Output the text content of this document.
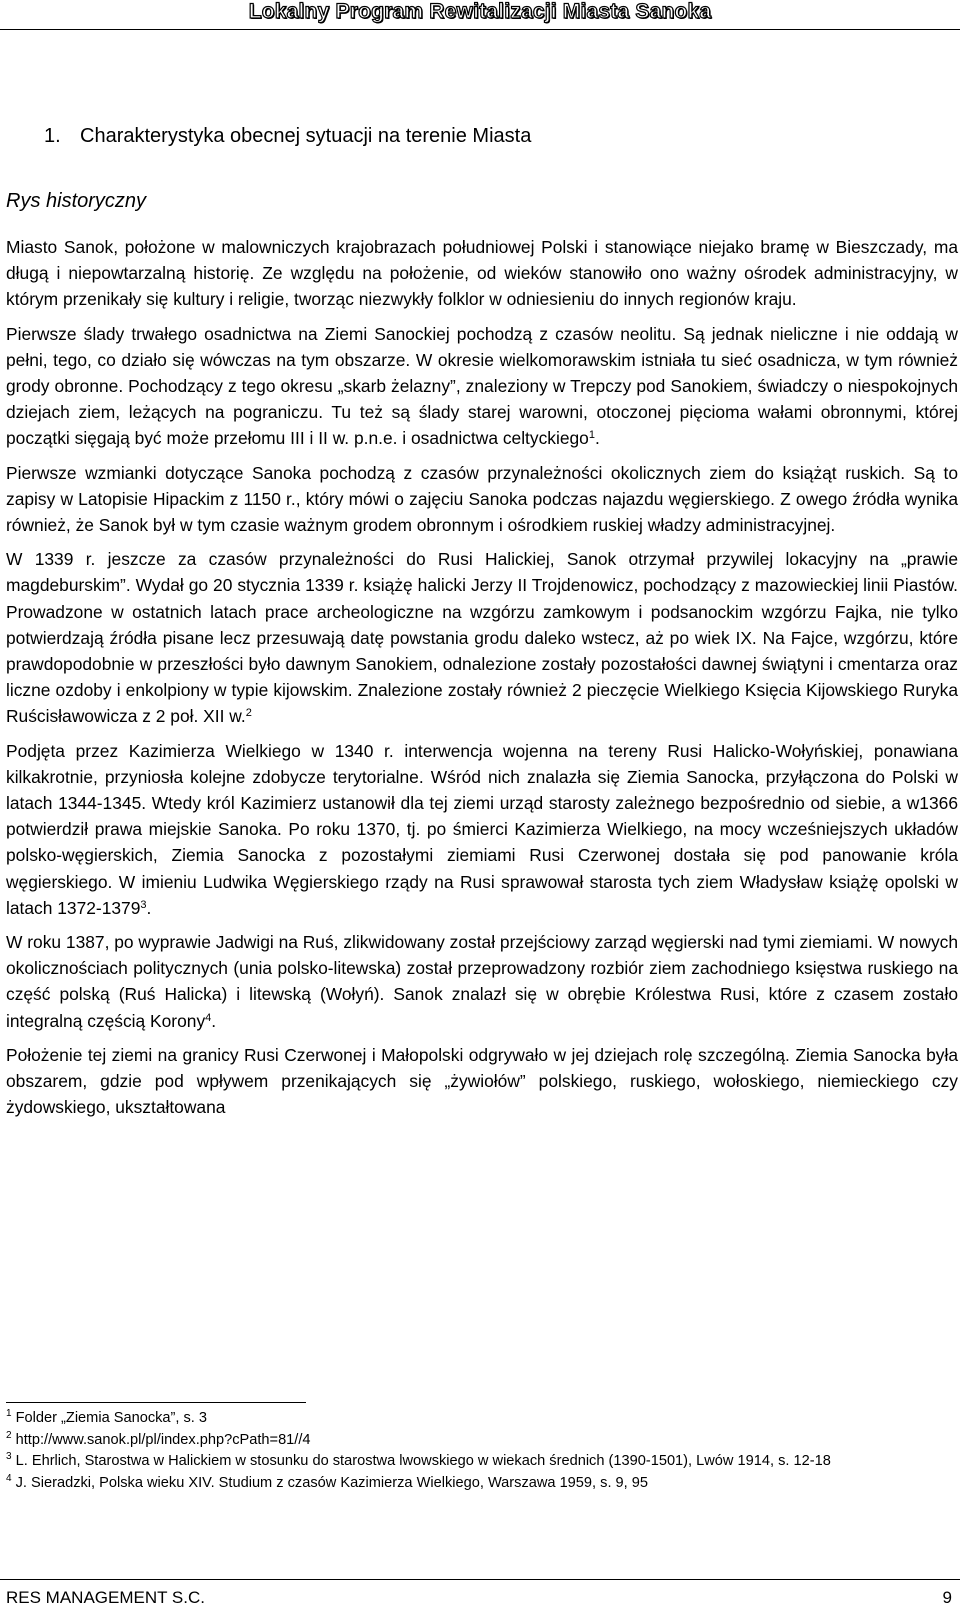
Lokalny Program Rewitalizacji Miasta Sanoka
1. Charakterystyka obecnej sytuacji na terenie Miasta
Rys historyczny

Miasto Sanok, położone w malowniczych krajobrazach południowej Polski i stanowiące niejako bramę w Bieszczady, ma długą i niepowtarzalną historię. Ze względu na położenie, od wieków stanowiło ono ważny ośrodek administracyjny, w którym przenikały się kultury i religie, tworząc niezwykły folklor w odniesieniu do innych regionów kraju.

Pierwsze ślady trwałego osadnictwa na Ziemi Sanockiej pochodzą z czasów neolitu. Są jednak nieliczne i nie oddają w pełni, tego, co działo się wówczas na tym obszarze. W okresie wielkomorawskim istniała tu sieć osadnicza, w tym również grody obronne. Pochodzący z tego okresu „skarb żelazny”, znaleziony w Trepczy pod Sanokiem, świadczy o niespokojnych dziejach ziem, leżących na pograniczu. Tu też są ślady starej warowni, otoczonej pięcioma wałami obronnymi, której początki sięgają być może przełomu III i II w. p.n.e. i osadnictwa celtyckiego$^1$.

Pierwsze wzmianki dotyczące Sanoka pochodzą z czasów przynależności okolicznych ziem do książąt ruskich. Są to zapisy w Latopisie Hipackim z 1150 r., który mówi o zajęciu Sanoka podczas najazdu węgierskiego. Z owego źródła wynika również, że Sanok był w tym czasie ważnym grodem obronnym i ośrodkiem ruskiej władzy administracyjnej.

W 1339 r. jeszcze za czasów przynależności do Rusi Halickiej, Sanok otrzymał przywilej lokacyjny na „prawie magdeburskim”. Wydał go 20 stycznia 1339 r. książę halicki Jerzy II Trojdenowicz, pochodzący z mazowieckiej linii Piastów. Prowadzone w ostatnich latach prace archeologiczne na wzgórzu zamkowym i podsanockim wzgórzu Fajka, nie tylko potwierdzają źródła pisane lecz przesuwają datę powstania grodu daleko wstecz, aż po wiek IX. Na Fajce, wzgórzu, które prawdopodobnie w przeszłości było dawnym Sanokiem, odnalezione zostały pozostałości dawnej świątyni i cmentarza oraz liczne ozdoby i enkolpiony w typie kijowskim. Znalezione zostały również 2 pieczęcie Wielkiego Księcia Kijowskiego Ruryka Ruścisławowicza z 2 poł. XII w.$^2$

Podjęta przez Kazimierza Wielkiego w 1340 r. interwencja wojenna na tereny Rusi Halicko-Wołyńskiej, ponawiana kilkakrotnie, przyniosła kolejne zdobycze terytorialne. Wśród nich znalazła się Ziemia Sanocka, przyłączona do Polski w latach 1344-1345. Wtedy król Kazimierz ustanowił dla tej ziemi urząd starosty zależnego bezpośrednio od siebie, a w1366 potwierdził prawa miejskie Sanoka. Po roku 1370, tj. po śmierci Kazimierza Wielkiego, na mocy wcześniejszych układów polsko-węgierskich, Ziemia Sanocka z pozostałymi ziemiami Rusi Czerwonej dostała się pod panowanie króla węgierskiego. W imieniu Ludwika Węgierskiego rządy na Rusi sprawował starosta tych ziem Władysław książę opolski w latach 1372-1379$^3$.

W roku 1387, po wyprawie Jadwigi na Ruś, zlikwidowany został przejściowy zarząd węgierski nad tymi ziemiami. W nowych okolicznościach politycznych (unia polsko-litewska) został przeprowadzony rozbiór ziem zachodniego księstwa ruskiego na część polską (Ruś Halicka) i litewską (Wołyń). Sanok znalazł się w obrębie Królestwa Rusi, które z czasem zostało integralną częścią Korony$^4$.

Położenie tej ziemi na granicy Rusi Czerwonej i Małopolski odgrywało w jej dziejach rolę szczególną. Ziemia Sanocka była obszarem, gdzie pod wpływem przenikających się „żywiołów” polskiego, ruskiego, wołoskiego, niemieckiego czy żydowskiego, ukształtowana

$^1$ Folder „Ziemia Sanocka”, s. 3
$^2$ http://www.sanok.pl/pl/index.php?cPath=81//4
$^3$ L. Ehrlich, Starostwa w Halickiem w stosunku do starostwa lwowskiego w wiekach średnich (1390-1501), Lwów 1914, s. 12-18
$^4$ J. Sieradzki, Polska wieku XIV. Studium z czasów Kazimierza Wielkiego, Warszawa 1959, s. 9, 95
RES MANAGEMENT S.C.	9
